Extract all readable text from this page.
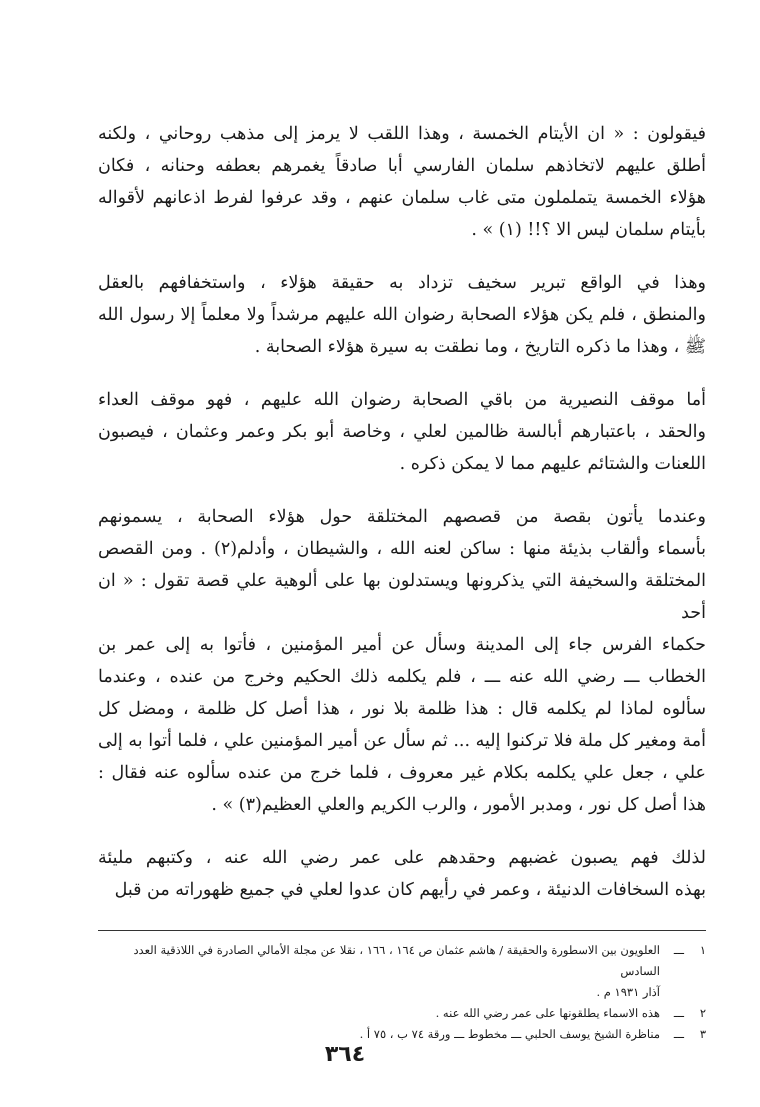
فيقولون : « ان الأيتام الخمسة ، وهذا اللقب لا يرمز إلى مذهب روحاني ، ولكنه
أطلق عليهم لاتخاذهم سلمان الفارسي أبا صادقاً يغمرهم بعطفه وحنانه ، فكان
هؤلاء الخمسة يتململون متى غاب سلمان عنهم ، وقد عرفوا لفرط اذعانهم لأقواله
بأيتام سلمان ليس الا ؟!! (١) » .

وهذا في الواقع تبرير سخيف تزداد به حقيقة هؤلاء ، واستخفافهم بالعقل
والمنطق ، فلم يكن هؤلاء الصحابة رضوان الله عليهم مرشداً ولا معلماً إلا رسول الله
ﷺ ، وهذا ما ذكره التاريخ ، وما نطقت به سيرة هؤلاء الصحابة .

أما موقف النصيرية من باقي الصحابة رضوان الله عليهم ، فهو موقف العداء
والحقد ، باعتبارهم أبالسة ظالمين لعلي ، وخاصة أبو بكر وعمر وعثمان ، فيصبون
اللعنات والشتائم عليهم مما لا يمكن ذكره .

وعندما يأتون بقصة من قصصهم المختلقة حول هؤلاء الصحابة ، يسمونهم
بأسماء وألقاب بذيئة منها : ساكن لعنه الله ، والشيطان ، وأدلم(٢) . ومن القصص
المختلقة والسخيفة التي يذكرونها ويستدلون بها على ألوهية علي قصة تقول : « ان أحد
حكماء الفرس جاء إلى المدينة وسأل عن أمير المؤمنين ، فأتوا به إلى عمر بن
الخطاب ـــ رضي الله عنه ـــ ، فلم يكلمه ذلك الحكيم وخرج من عنده ، وعندما
سألوه لماذا لم يكلمه قال : هذا ظلمة بلا نور ، هذا أصل كل ظلمة ، ومضل كل
أمة ومغير كل ملة فلا تركنوا إليه ... ثم سأل عن أمير المؤمنين علي ، فلما أتوا به إلى
علي ، جعل علي يكلمه بكلام غير معروف ، فلما خرج من عنده سألوه عنه فقال :
هذا أصل كل نور ، ومدبر الأمور ، والرب الكريم والعلي العظيم(٣) » .

لذلك فهم يصبون غضبهم وحقدهم على عمر رضي الله عنه ، وكتبهم مليئة
بهذه السخافات الدنيئة ، وعمر في رأيهم كان عدوا لعلي في جميع ظهوراته من قبل

١
ـــ
العلويون بين الاسطورة والحقيقة / هاشم عثمان ص ١٦٤ ، ١٦٦ ، نقلا عن مجلة الأمالي الصادرة في اللاذقية العدد السادس
آذار ١٩٣١ م .
٢
ـــ
هذه الاسماء يطلقونها على عمر رضي الله عنه .
٣
ـــ
مناظرة الشيخ يوسف الحلبي ـــ مخطوط ـــ ورقة ٧٤ ب ، ٧٥ أ .
٣٦٤
